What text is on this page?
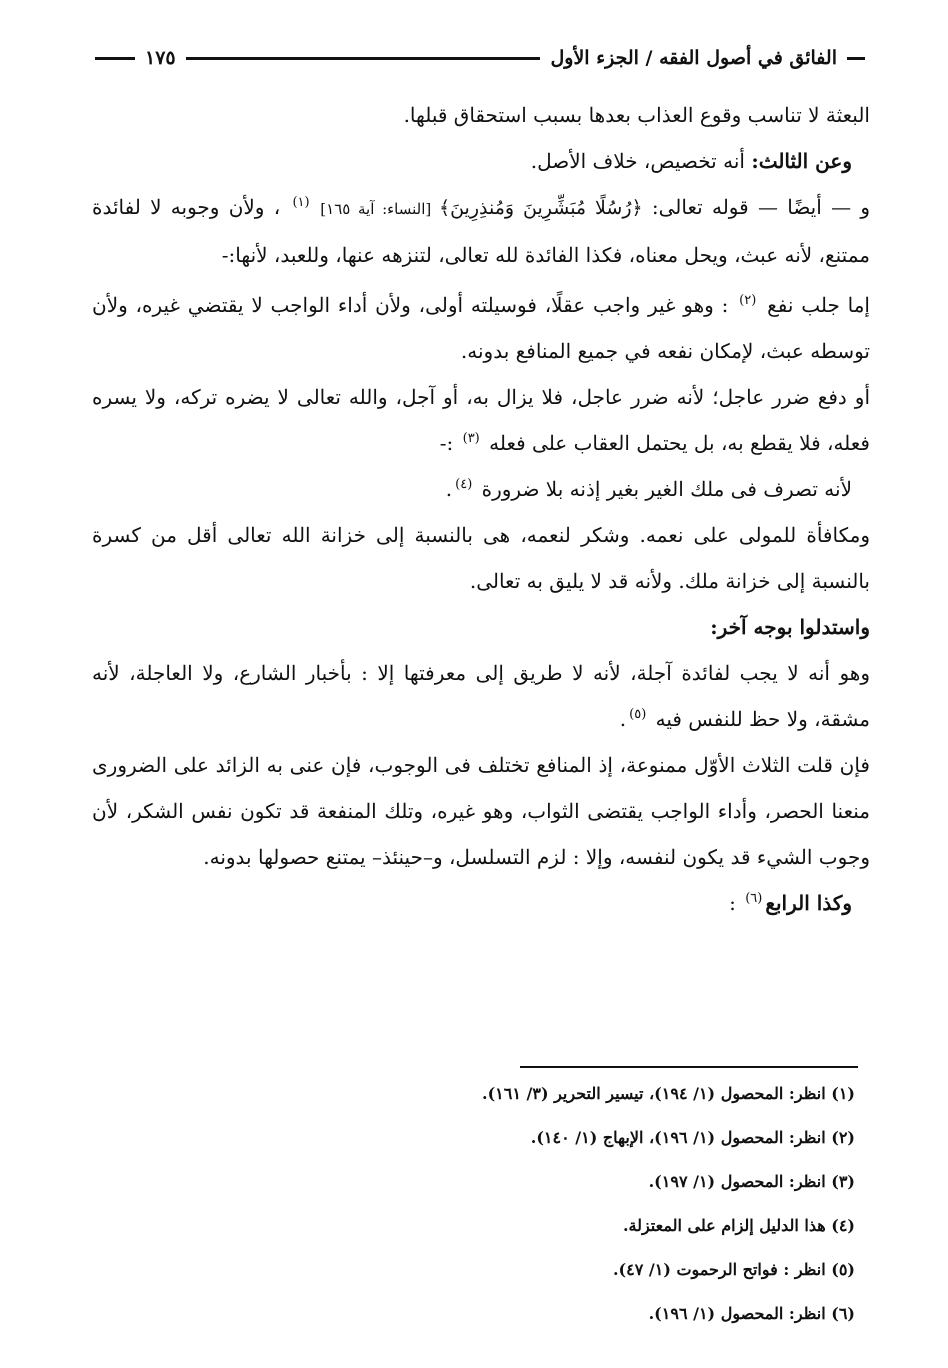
الفائق في أصول الفقه / الجزء الأول
١٧٥

البعثة لا تناسب وقوع العذاب بعدها بسبب استحقاق قبلها.

وعن الثالث: أنه تخصيص، خلاف الأصل.

و — أيضًا — قوله تعالى: ﴿رُسُلًا مُبَشِّرِينَ وَمُنذِرِينَ﴾ [النساء: آية ١٦٥] $^{(١)}$ ، ولأن وجوبه لا لفائدة ممتنع، لأنه عبث، ويحل معناه، فكذا الفائدة لله تعالى، لتنزهه عنها، وللعبد، لأنها:-

إما جلب نفع $^{(٢)}$ : وهو غير واجب عقلًا، فوسيلته أولى، ولأن أداء الواجب لا يقتضي غيره، ولأن توسطه عبث، لإمكان نفعه في جميع المنافع بدونه.

أو دفع ضرر عاجل؛ لأنه ضرر عاجل، فلا يزال به، أو آجل، والله تعالى لا يضره تركه، ولا يسره فعله، فلا يقطع به، بل يحتمل العقاب على فعله $^{(٣)}$ :-

لأنه تصرف فى ملك الغير بغير إذنه بلا ضرورة $^{(٤)}$.

ومكافأة للمولى على نعمه. وشكر لنعمه، هى بالنسبة إلى خزانة الله تعالى أقل من كسرة بالنسبة إلى خزانة ملك. ولأنه قد لا يليق به تعالى.

واستدلوا بوجه آخر:

وهو أنه لا يجب لفائدة آجلة، لأنه لا طريق إلى معرفتها إلا : بأخبار الشارع، ولا العاجلة، لأنه مشقة، ولا حظ للنفس فيه $^{(٥)}$.

فإن قلت الثلاث الأوّل ممنوعة، إذ المنافع تختلف فى الوجوب، فإن عنى به الزائد على الضرورى منعنا الحصر، وأداء الواجب يقتضى الثواب، وهو غيره، وتلك المنفعة قد تكون نفس الشكر، لأن وجوب الشيء قد يكون لنفسه، وإلا : لزم التسلسل، و–حينئذ– يمتنع حصولها بدونه.

وكذا الرابع$^{(٦)}$ :

(١) انظر: المحصول (١/ ١٩٤)، تيسير التحرير (٣/ ١٦١).

(٢) انظر: المحصول (١/ ١٩٦)، الإبهاج (١/ ١٤٠).

(٣) انظر: المحصول (١/ ١٩٧).

(٤) هذا الدليل إلزام على المعتزلة.

(٥) انظر : فواتح الرحموت (١/ ٤٧).

(٦) انظر: المحصول (١/ ١٩٦).
